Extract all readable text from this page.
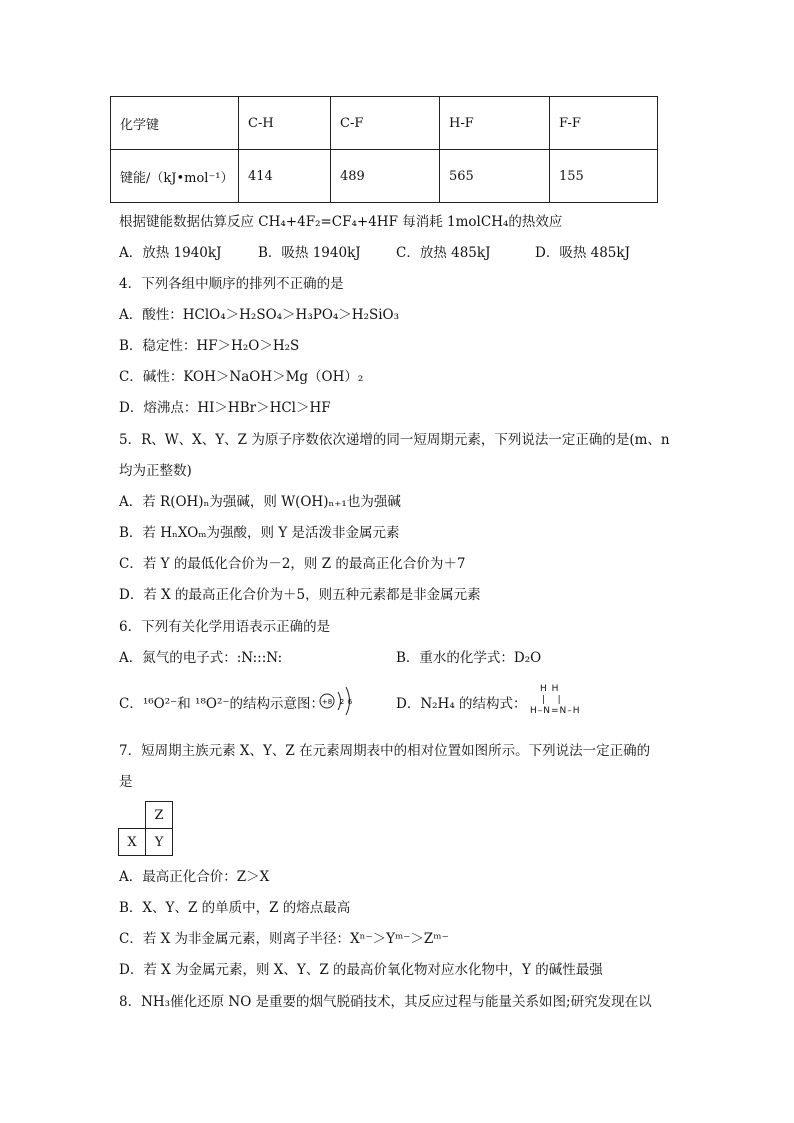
化学键	C-H	C-F	H-F	F-F
键能/（kJ•mol⁻¹）	414	489	565	155
根据键能数据估算反应 CH₄+4F₂=CF₄+4HF 每消耗 1molCH₄的热效应
A．放热 1940kJ	B．吸热 1940kJ	C．放热 485kJ	D．吸热 485kJ
4．下列各组中顺序的排列不正确的是
A．酸性：HClO₄＞H₂SO₄＞H₃PO₄＞H₂SiO₃
B．稳定性：HF＞H₂O＞H₂S
C．碱性：KOH＞NaOH＞Mg（OH）₂
D．熔沸点：HI＞HBr＞HCl＞HF
5．R、W、X、Y、Z 为原子序数依次递增的同一短周期元素，下列说法一定正确的是(m、n
均为正整数)
A．若 R(OH)ₙ为强碱，则 W(OH)ₙ₊₁也为强碱
B．若 HₙXOₘ为强酸，则 Y 是活泼非金属元素
C．若 Y 的最低化合价为－2，则 Z 的最高正化合价为＋7
D．若 X 的最高正化合价为＋5，则五种元素都是非金属元素
6．下列有关化学用语表示正确的是
A．氮气的电子式：:N:::N:	B．重水的化学式：D₂O
C．¹⁶O²⁻和 ¹⁸O²⁻的结构示意图：
+8 2 6	D．N₂H₄ 的结构式：
H H
|   |
H–N=N–H
7．短周期主族元素 X、Y、Z 在元素周期表中的相对位置如图所示。下列说法一定正确的
是
	Z
X	Y
A．最高正化合价：Z＞X
B．X、Y、Z 的单质中，Z 的熔点最高
C．若 X 为非金属元素，则离子半径：Xⁿ⁻＞Yᵐ⁻＞Zᵐ⁻
D．若 X 为金属元素，则 X、Y、Z 的最高价氧化物对应水化物中，Y 的碱性最强
8．NH₃催化还原 NO 是重要的烟气脱硝技术，其反应过程与能量关系如图;研究发现在以
